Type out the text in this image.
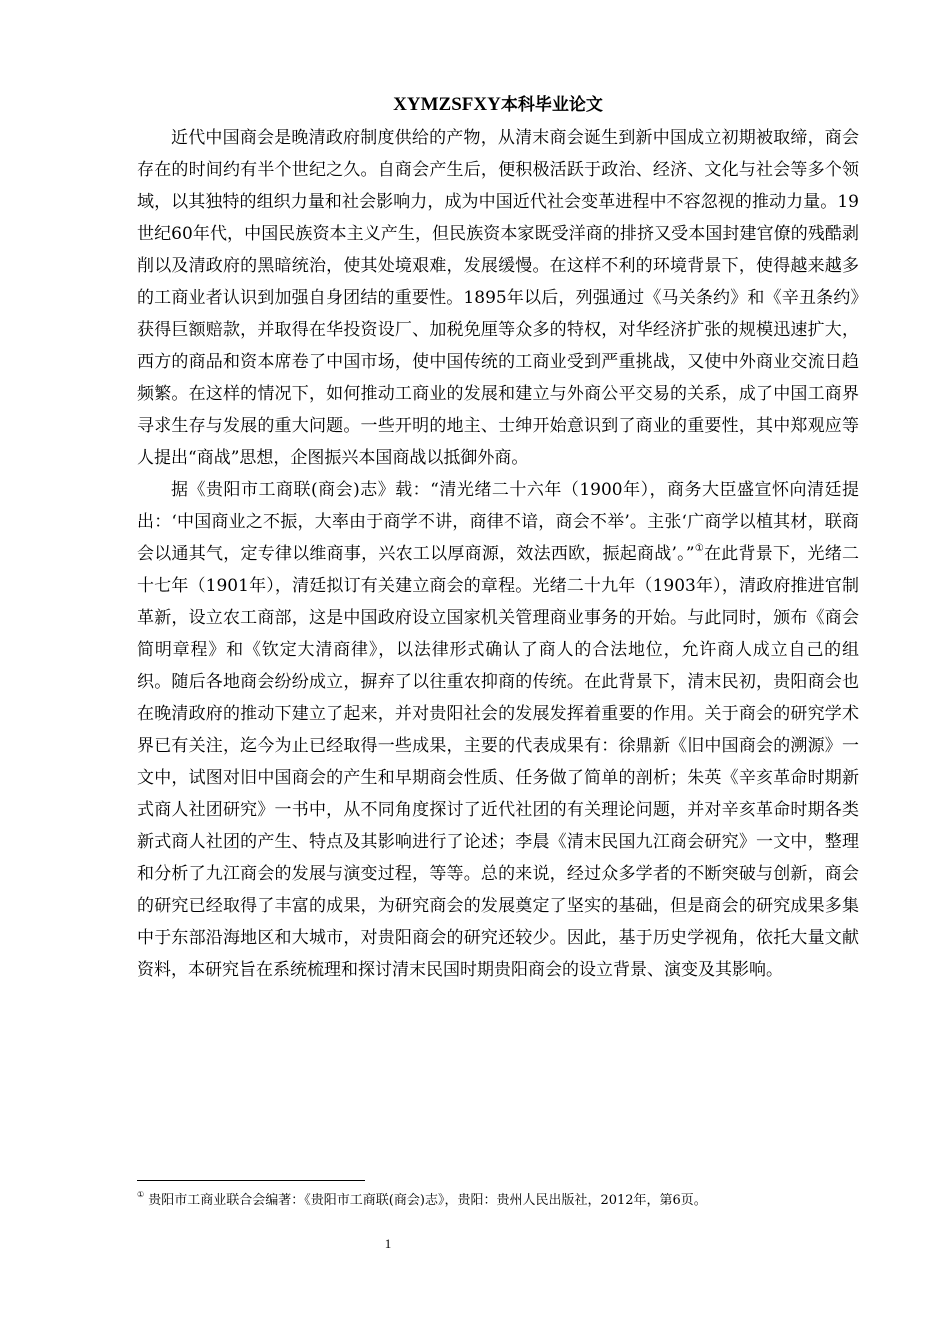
XYMZSFXY本科毕业论文

近代中国商会是晚清政府制度供给的产物，从清末商会诞生到新中国成立初期被取缔，商会存在的时间约有半个世纪之久。自商会产生后，便积极活跃于政治、经济、文化与社会等多个领域，以其独特的组织力量和社会影响力，成为中国近代社会变革进程中不容忽视的推动力量。19世纪60年代，中国民族资本主义产生，但民族资本家既受洋商的排挤又受本国封建官僚的残酷剥削以及清政府的黑暗统治，使其处境艰难，发展缓慢。在这样不利的环境背景下，使得越来越多的工商业者认识到加强自身团结的重要性。1895年以后，列强通过《马关条约》和《辛丑条约》获得巨额赔款，并取得在华投资设厂、加税免厘等众多的特权，对华经济扩张的规模迅速扩大，西方的商品和资本席卷了中国市场，使中国传统的工商业受到严重挑战，又使中外商业交流日趋频繁。在这样的情况下，如何推动工商业的发展和建立与外商公平交易的关系，成了中国工商界寻求生存与发展的重大问题。一些开明的地主、士绅开始意识到了商业的重要性，其中郑观应等人提出“商战”思想，企图振兴本国商战以抵御外商。

据《贵阳市工商联(商会)志》载：“清光绪二十六年（1900年），商务大臣盛宣怀向清廷提出：‘中国商业之不振，大率由于商学不讲，商律不谙，商会不举’。主张‘广商学以植其材，联商会以通其气，定专律以维商事，兴农工以厚商源，效法西欧，振起商战’。”①在此背景下，光绪二十七年（1901年），清廷拟订有关建立商会的章程。光绪二十九年（1903年），清政府推进官制革新，设立农工商部，这是中国政府设立国家机关管理商业事务的开始。与此同时，颁布《商会简明章程》和《钦定大清商律》，以法律形式确认了商人的合法地位，允许商人成立自己的组织。随后各地商会纷纷成立，摒弃了以往重农抑商的传统。在此背景下，清末民初，贵阳商会也在晚清政府的推动下建立了起来，并对贵阳社会的发展发挥着重要的作用。关于商会的研究学术界已有关注，迄今为止已经取得一些成果，主要的代表成果有：徐鼎新《旧中国商会的溯源》一文中，试图对旧中国商会的产生和早期商会性质、任务做了简单的剖析；朱英《辛亥革命时期新式商人社团研究》一书中，从不同角度探讨了近代社团的有关理论问题，并对辛亥革命时期各类新式商人社团的产生、特点及其影响进行了论述；李晨《清末民国九江商会研究》一文中，整理和分析了九江商会的发展与演变过程，等等。总的来说，经过众多学者的不断突破与创新，商会的研究已经取得了丰富的成果，为研究商会的发展奠定了坚实的基础，但是商会的研究成果多集中于东部沿海地区和大城市，对贵阳商会的研究还较少。因此，基于历史学视角，依托大量文献资料，本研究旨在系统梳理和探讨清末民国时期贵阳商会的设立背景、演变及其影响。

① 贵阳市工商业联合会编著：《贵阳市工商联(商会)志》，贵阳：贵州人民出版社，2012年，第6页。

1
